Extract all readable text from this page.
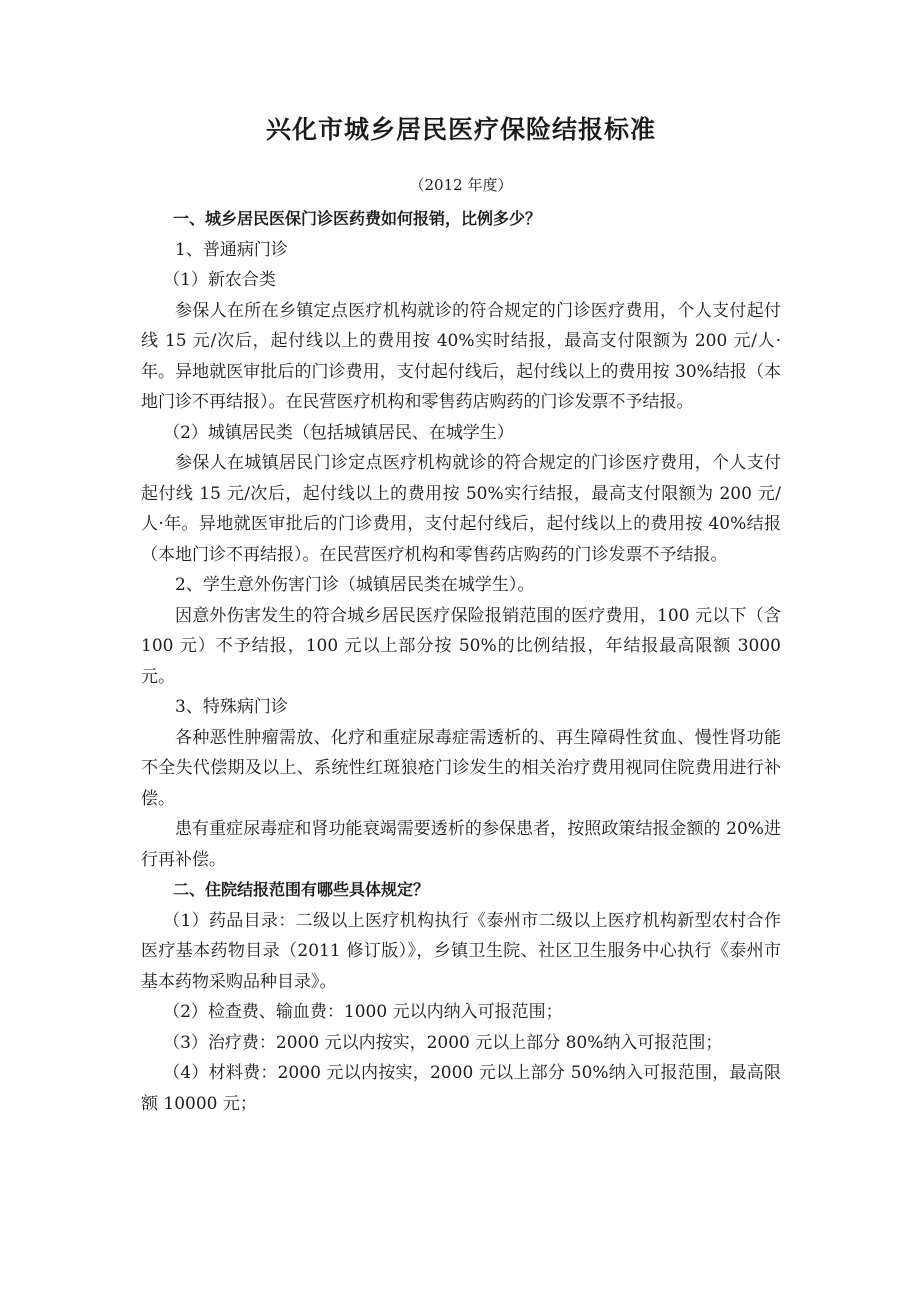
兴化市城乡居民医疗保险结报标准
（2012 年度）

一、城乡居民医保门诊医药费如何报销，比例多少？

1、普通病门诊

（1）新农合类

参保人在所在乡镇定点医疗机构就诊的符合规定的门诊医疗费用，个人支付起付线 15 元/次后，起付线以上的费用按 40%实时结报，最高支付限额为 200 元/人·年。异地就医审批后的门诊费用，支付起付线后，起付线以上的费用按 30%结报（本地门诊不再结报）。在民营医疗机构和零售药店购药的门诊发票不予结报。

（2）城镇居民类（包括城镇居民、在城学生）

参保人在城镇居民门诊定点医疗机构就诊的符合规定的门诊医疗费用，个人支付起付线 15 元/次后，起付线以上的费用按 50%实行结报，最高支付限额为 200 元/人·年。异地就医审批后的门诊费用，支付起付线后，起付线以上的费用按 40%结报（本地门诊不再结报）。在民营医疗机构和零售药店购药的门诊发票不予结报。

2、学生意外伤害门诊（城镇居民类在城学生）。

因意外伤害发生的符合城乡居民医疗保险报销范围的医疗费用，100 元以下（含 100 元）不予结报，100 元以上部分按 50%的比例结报，年结报最高限额 3000 元。

3、特殊病门诊

各种恶性肿瘤需放、化疗和重症尿毒症需透析的、再生障碍性贫血、慢性肾功能不全失代偿期及以上、系统性红斑狼疮门诊发生的相关治疗费用视同住院费用进行补偿。

患有重症尿毒症和肾功能衰竭需要透析的参保患者，按照政策结报金额的 20%进行再补偿。

二、住院结报范围有哪些具体规定？

（1）药品目录：二级以上医疗机构执行《泰州市二级以上医疗机构新型农村合作医疗基本药物目录（2011 修订版）》，乡镇卫生院、社区卫生服务中心执行《泰州市基本药物采购品种目录》。

（2）检查费、输血费：1000 元以内纳入可报范围；

（3）治疗费：2000 元以内按实，2000 元以上部分 80%纳入可报范围；

（4）材料费：2000 元以内按实，2000 元以上部分 50%纳入可报范围，最高限额 10000 元；
